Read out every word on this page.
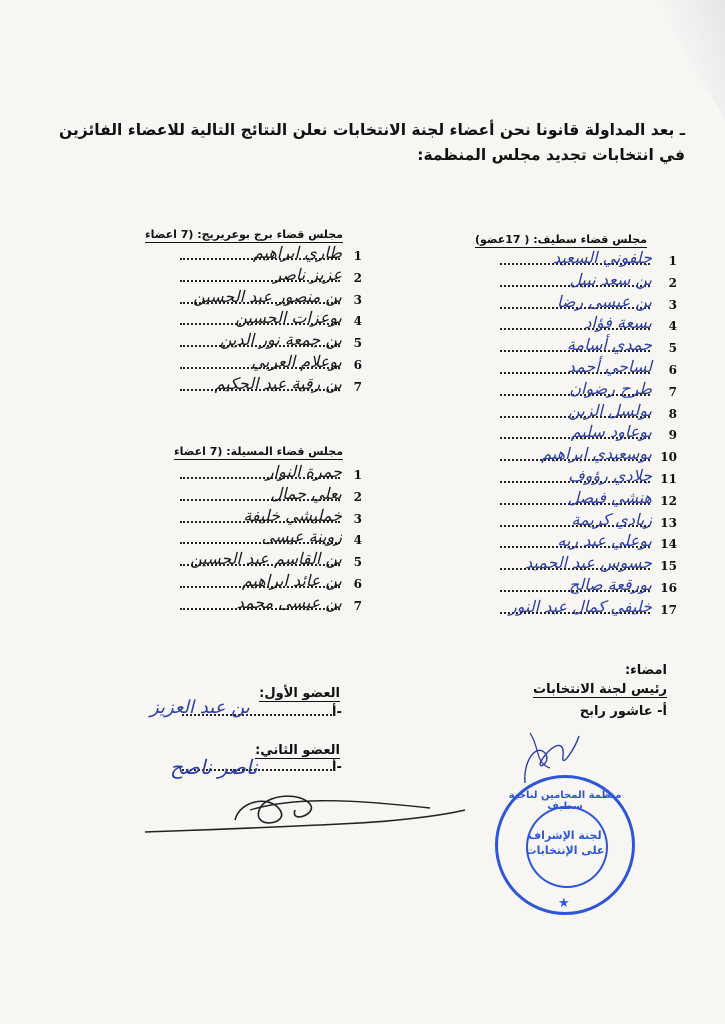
ـ بعد المداولة قانونا نحن أعضاء لجنة الانتخابات نعلن النتائج التالية للاعضاء الفائزين في انتخابات تجديد مجلس المنظمة:
مجلس قضاء سطيف: ( 17عضو)
جلفوني السعيد 1
بن سعد نبيل 2
بن عيسى رضا 3
بسعة فؤاد 4
حمدي أسامة 5
لساحي أحمد 6
طرح رضوان 7
بولسل الزين 8
بوعاود سليم 9
بوسعيدي ابراهيم 10
جلادي رؤوف 11
هنشي فيصل 12
زيادي كريمة 13
بوعلي عبد ربه 14
حسوس عبد الحميد 15
بورقعة صالح 16
خليفي كمال عبد النور 17
مجلس قضاء برج بوعريريج: (7 اعضاء
طاري ابراهيم 1
عزيز ناصر 2
بن منصور عبد الحسين 3
بوعزات الحسين 4
بن جمعة نور الدين 5
بوعلام العربي 6
بن رقية عبد الحكيم 7
مجلس قضاء المسيلة: (7 اعضاء
حمرة النوار 1
بعلي جمال 2
خمليشي خليفة 3
زوينة عيسى 4
بن القاسم عبد الحسين 5
بن عائد ابراهيم 6
بن عيسى محمد 7
امضاء:
رئيس لجنة الانتخابات
أ- عاشور رابح
العضو الأول:
أ-
بن عبد العزيز
العضو الثاني:
أ-
ناصر ناصح
منظمة المحامين لناحية سطيف
لجنة الإشراف
على الإنتخابات
★
